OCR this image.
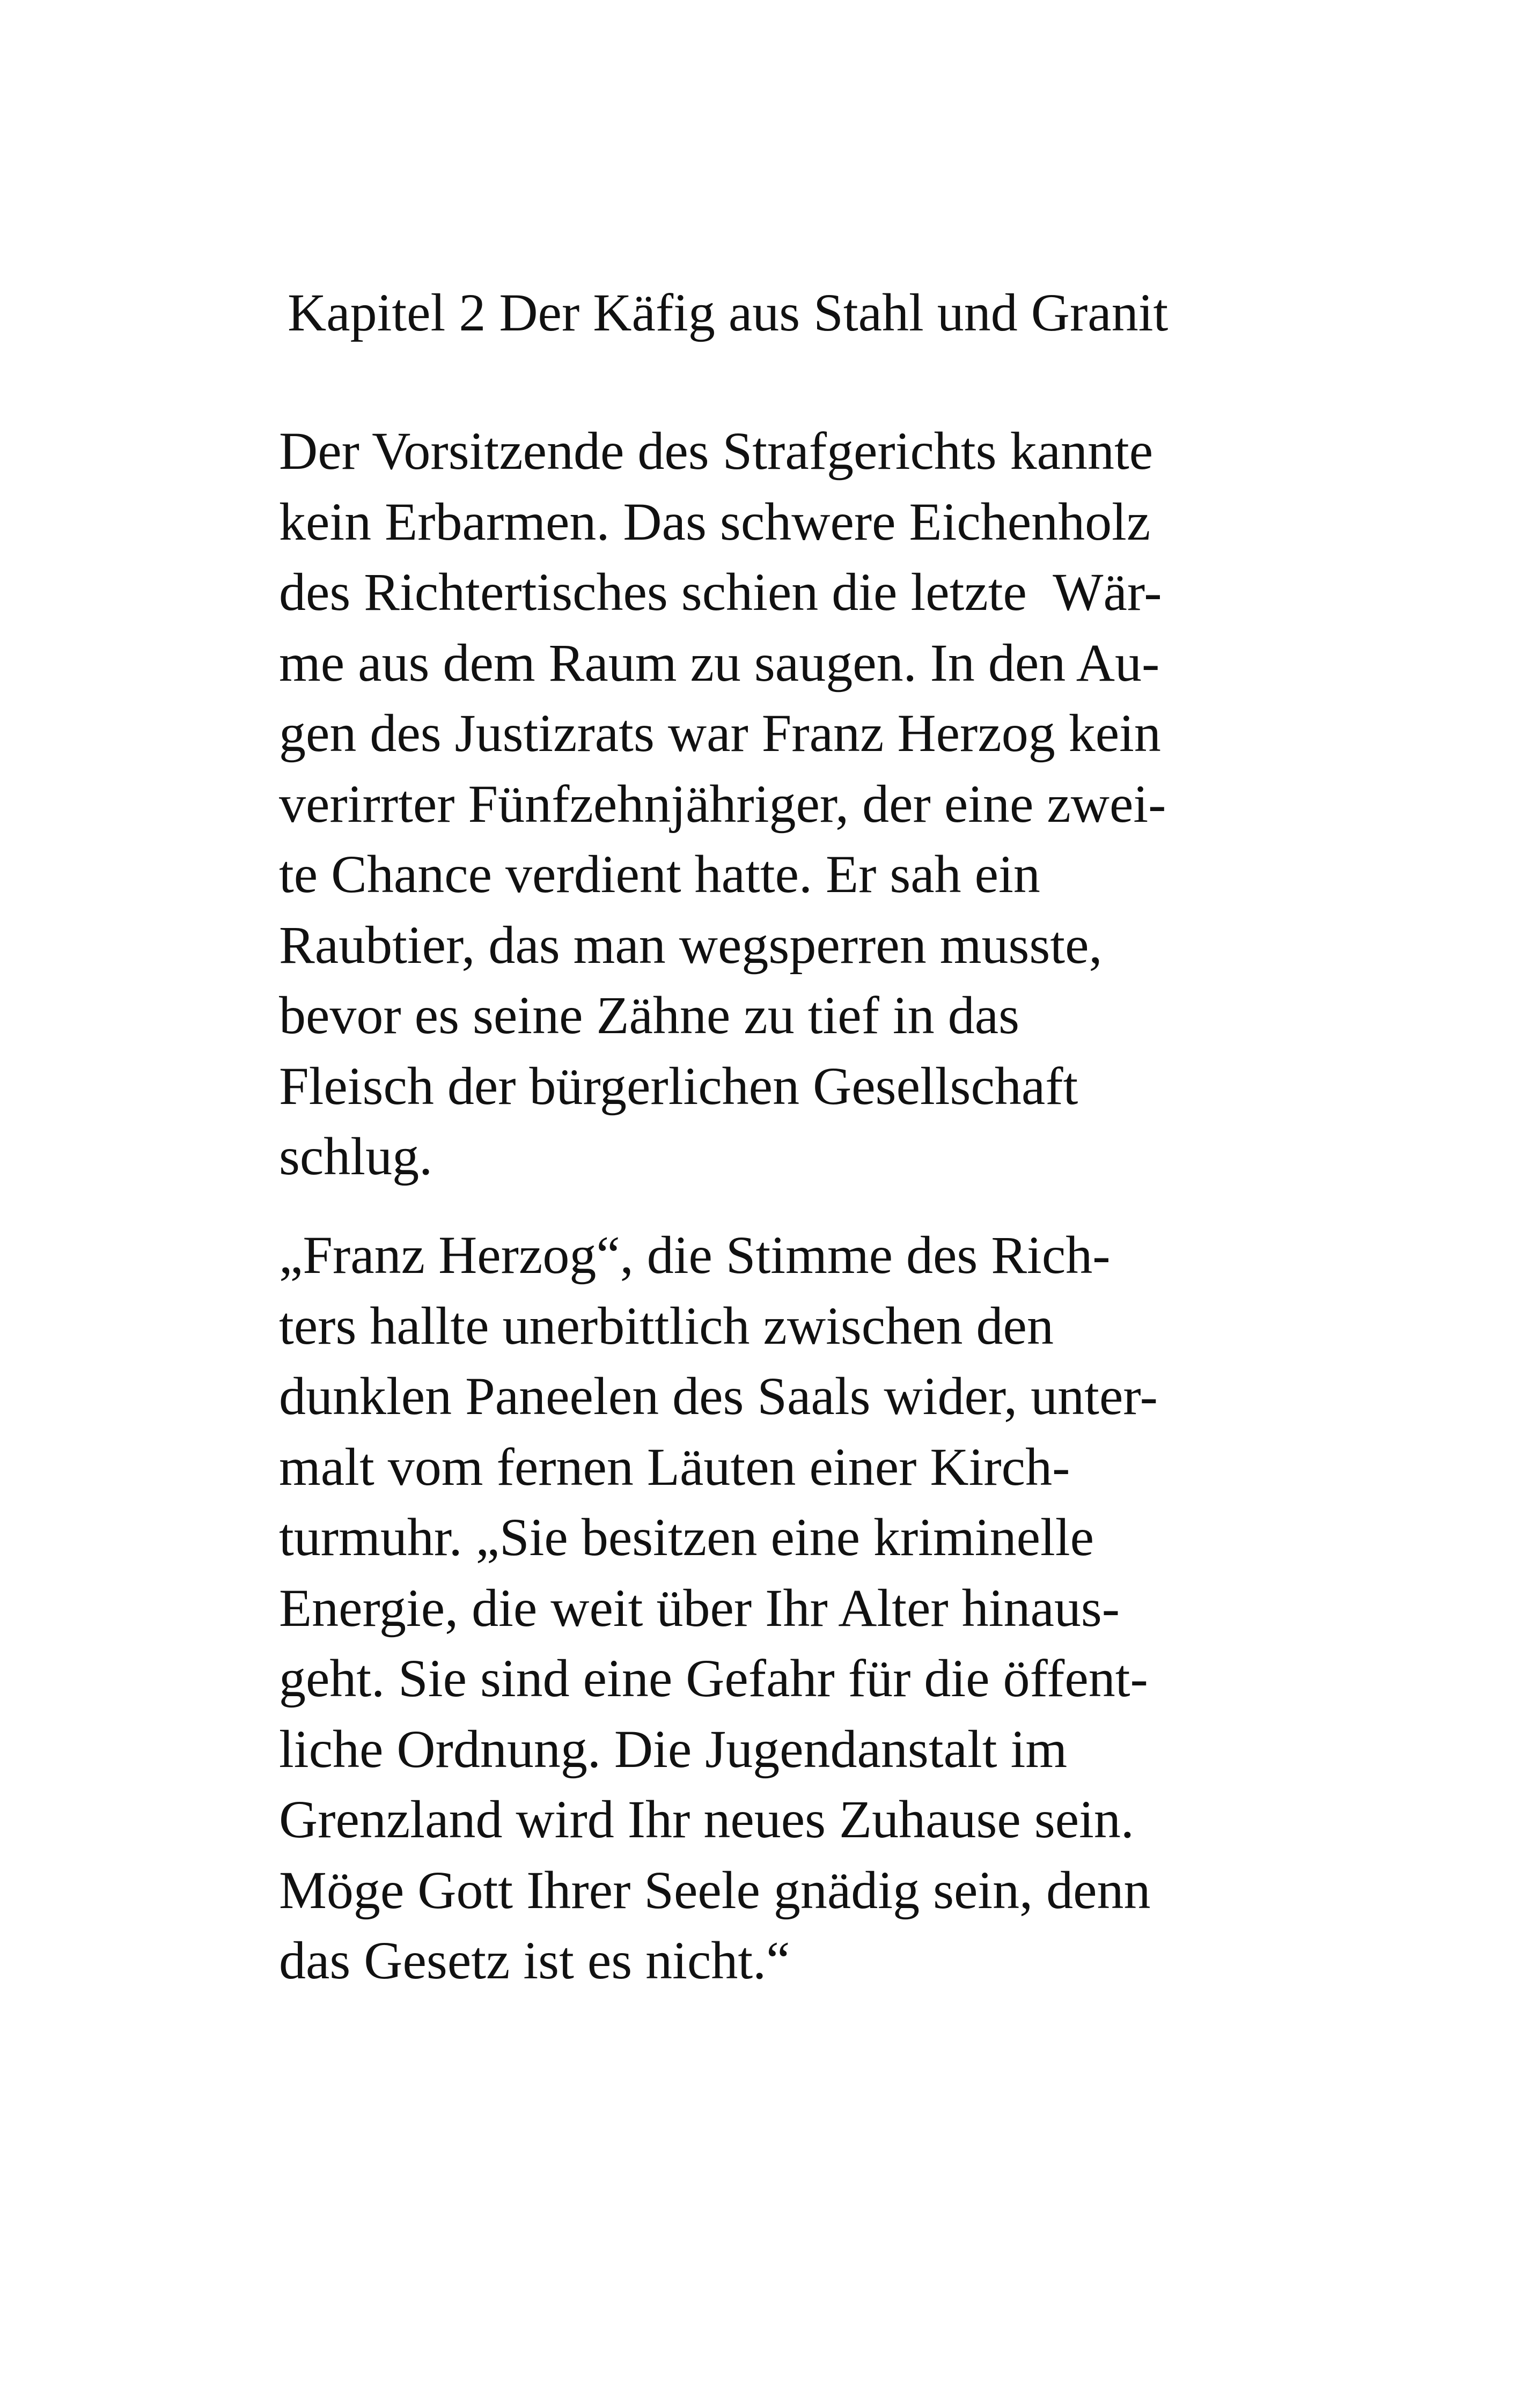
Kapitel 2 Der Käfig aus Stahl und Granit

Der Vorsitzende des Strafgerichts kannte
kein Erbarmen. Das schwere Eichenholz
des Richtertisches schien die letzte  Wär-
me aus dem Raum zu saugen. In den Au-
gen des Justizrats war Franz Herzog kein
verirrter Fünfzehnjähriger, der eine zwei-
te Chance verdient hatte. Er sah ein
Raubtier, das man wegsperren musste,
bevor es seine Zähne zu tief in das
Fleisch der bürgerlichen Gesellschaft
schlug.

„Franz Herzog“, die Stimme des Rich-
ters hallte unerbittlich zwischen den
dunklen Paneelen des Saals wider, unter-
malt vom fernen Läuten einer Kirch-
turmuhr. „Sie besitzen eine kriminelle
Energie, die weit über Ihr Alter hinaus-
geht. Sie sind eine Gefahr für die öffent-
liche Ordnung. Die Jugendanstalt im
Grenzland wird Ihr neues Zuhause sein.
Möge Gott Ihrer Seele gnädig sein, denn
das Gesetz ist es nicht.“
